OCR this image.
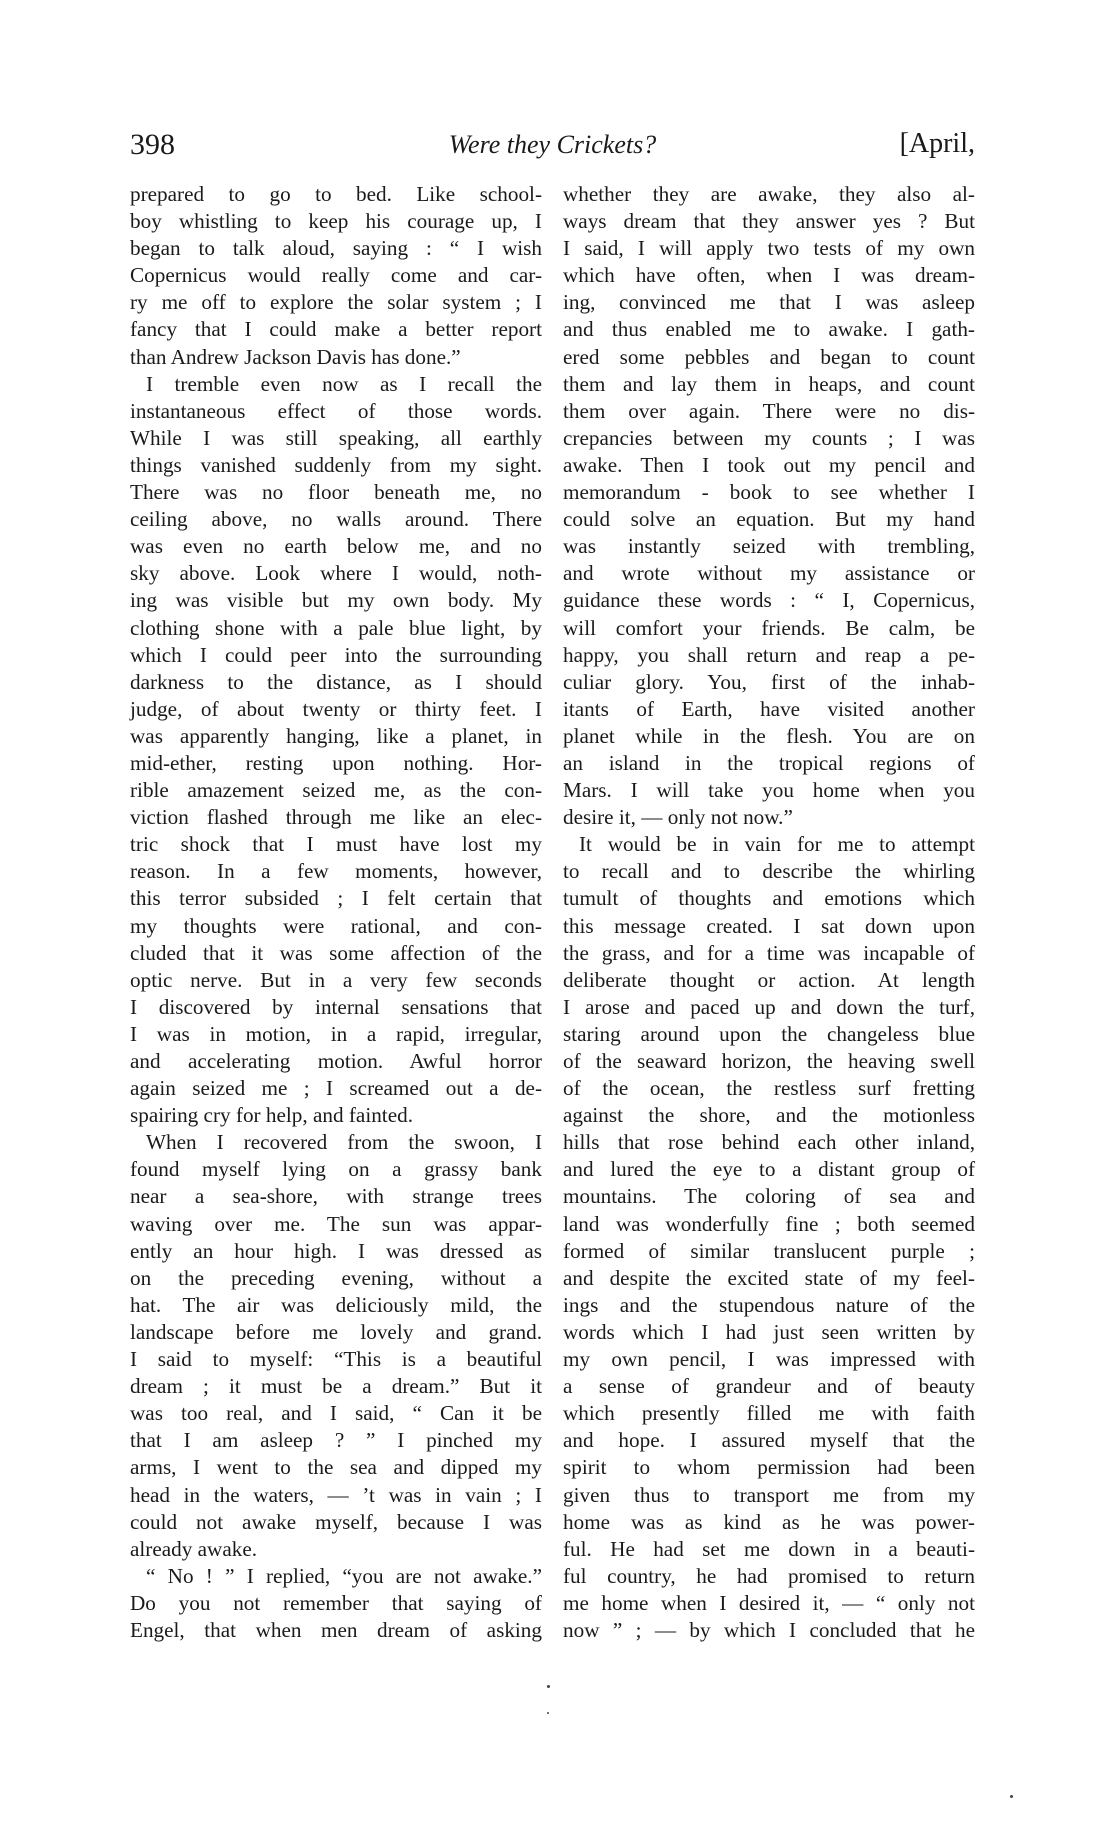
398	Were they Crickets?	[April,
prepared to go to bed. Like school-
boy whistling to keep his courage up, I
began to talk aloud, saying : “ I wish
Copernicus would really come and car-
ry me off to explore the solar system ; I
fancy that I could make a better report
than Andrew Jackson Davis has done.”
I tremble even now as I recall the
instantaneous effect of those words.
While I was still speaking, all earthly
things vanished suddenly from my sight.
There was no floor beneath me, no
ceiling above, no walls around. There
was even no earth below me, and no
sky above. Look where I would, noth-
ing was visible but my own body. My
clothing shone with a pale blue light, by
which I could peer into the surrounding
darkness to the distance, as I should
judge, of about twenty or thirty feet. I
was apparently hanging, like a planet, in
mid-ether, resting upon nothing. Hor-
rible amazement seized me, as the con-
viction flashed through me like an elec-
tric shock that I must have lost my
reason. In a few moments, however,
this terror subsided ; I felt certain that
my thoughts were rational, and con-
cluded that it was some affection of the
optic nerve. But in a very few seconds
I discovered by internal sensations that
I was in motion, in a rapid, irregular,
and accelerating motion. Awful horror
again seized me ; I screamed out a de-
spairing cry for help, and fainted.
When I recovered from the swoon, I
found myself lying on a grassy bank
near a sea-shore, with strange trees
waving over me. The sun was appar-
ently an hour high. I was dressed as
on the preceding evening, without a
hat. The air was deliciously mild, the
landscape before me lovely and grand.
I said to myself: “This is a beautiful
dream ; it must be a dream.” But it
was too real, and I said, “ Can it be
that I am asleep ? ” I pinched my
arms, I went to the sea and dipped my
head in the waters, — ’t was in vain ; I
could not awake myself, because I was
already awake.
“ No ! ” I replied, “you are not awake.”
Do you not remember that saying of
Engel, that when men dream of asking
whether they are awake, they also al-
ways dream that they answer yes ? But
I said, I will apply two tests of my own
which have often, when I was dream-
ing, convinced me that I was asleep
and thus enabled me to awake. I gath-
ered some pebbles and began to count
them and lay them in heaps, and count
them over again. There were no dis-
crepancies between my counts ; I was
awake. Then I took out my pencil and
memorandum - book to see whether I
could solve an equation. But my hand
was instantly seized with trembling,
and wrote without my assistance or
guidance these words : “ I, Copernicus,
will comfort your friends. Be calm, be
happy, you shall return and reap a pe-
culiar glory. You, first of the inhab-
itants of Earth, have visited another
planet while in the flesh. You are on
an island in the tropical regions of
Mars. I will take you home when you
desire it, — only not now.”
It would be in vain for me to attempt
to recall and to describe the whirling
tumult of thoughts and emotions which
this message created. I sat down upon
the grass, and for a time was incapable of
deliberate thought or action. At length
I arose and paced up and down the turf,
staring around upon the changeless blue
of the seaward horizon, the heaving swell
of the ocean, the restless surf fretting
against the shore, and the motionless
hills that rose behind each other inland,
and lured the eye to a distant group of
mountains. The coloring of sea and
land was wonderfully fine ; both seemed
formed of similar translucent purple ;
and despite the excited state of my feel-
ings and the stupendous nature of the
words which I had just seen written by
my own pencil, I was impressed with
a sense of grandeur and of beauty
which presently filled me with faith
and hope. I assured myself that the
spirit to whom permission had been
given thus to transport me from my
home was as kind as he was power-
ful. He had set me down in a beauti-
ful country, he had promised to return
me home when I desired it, — “ only not
now ” ; — by which I concluded that he
